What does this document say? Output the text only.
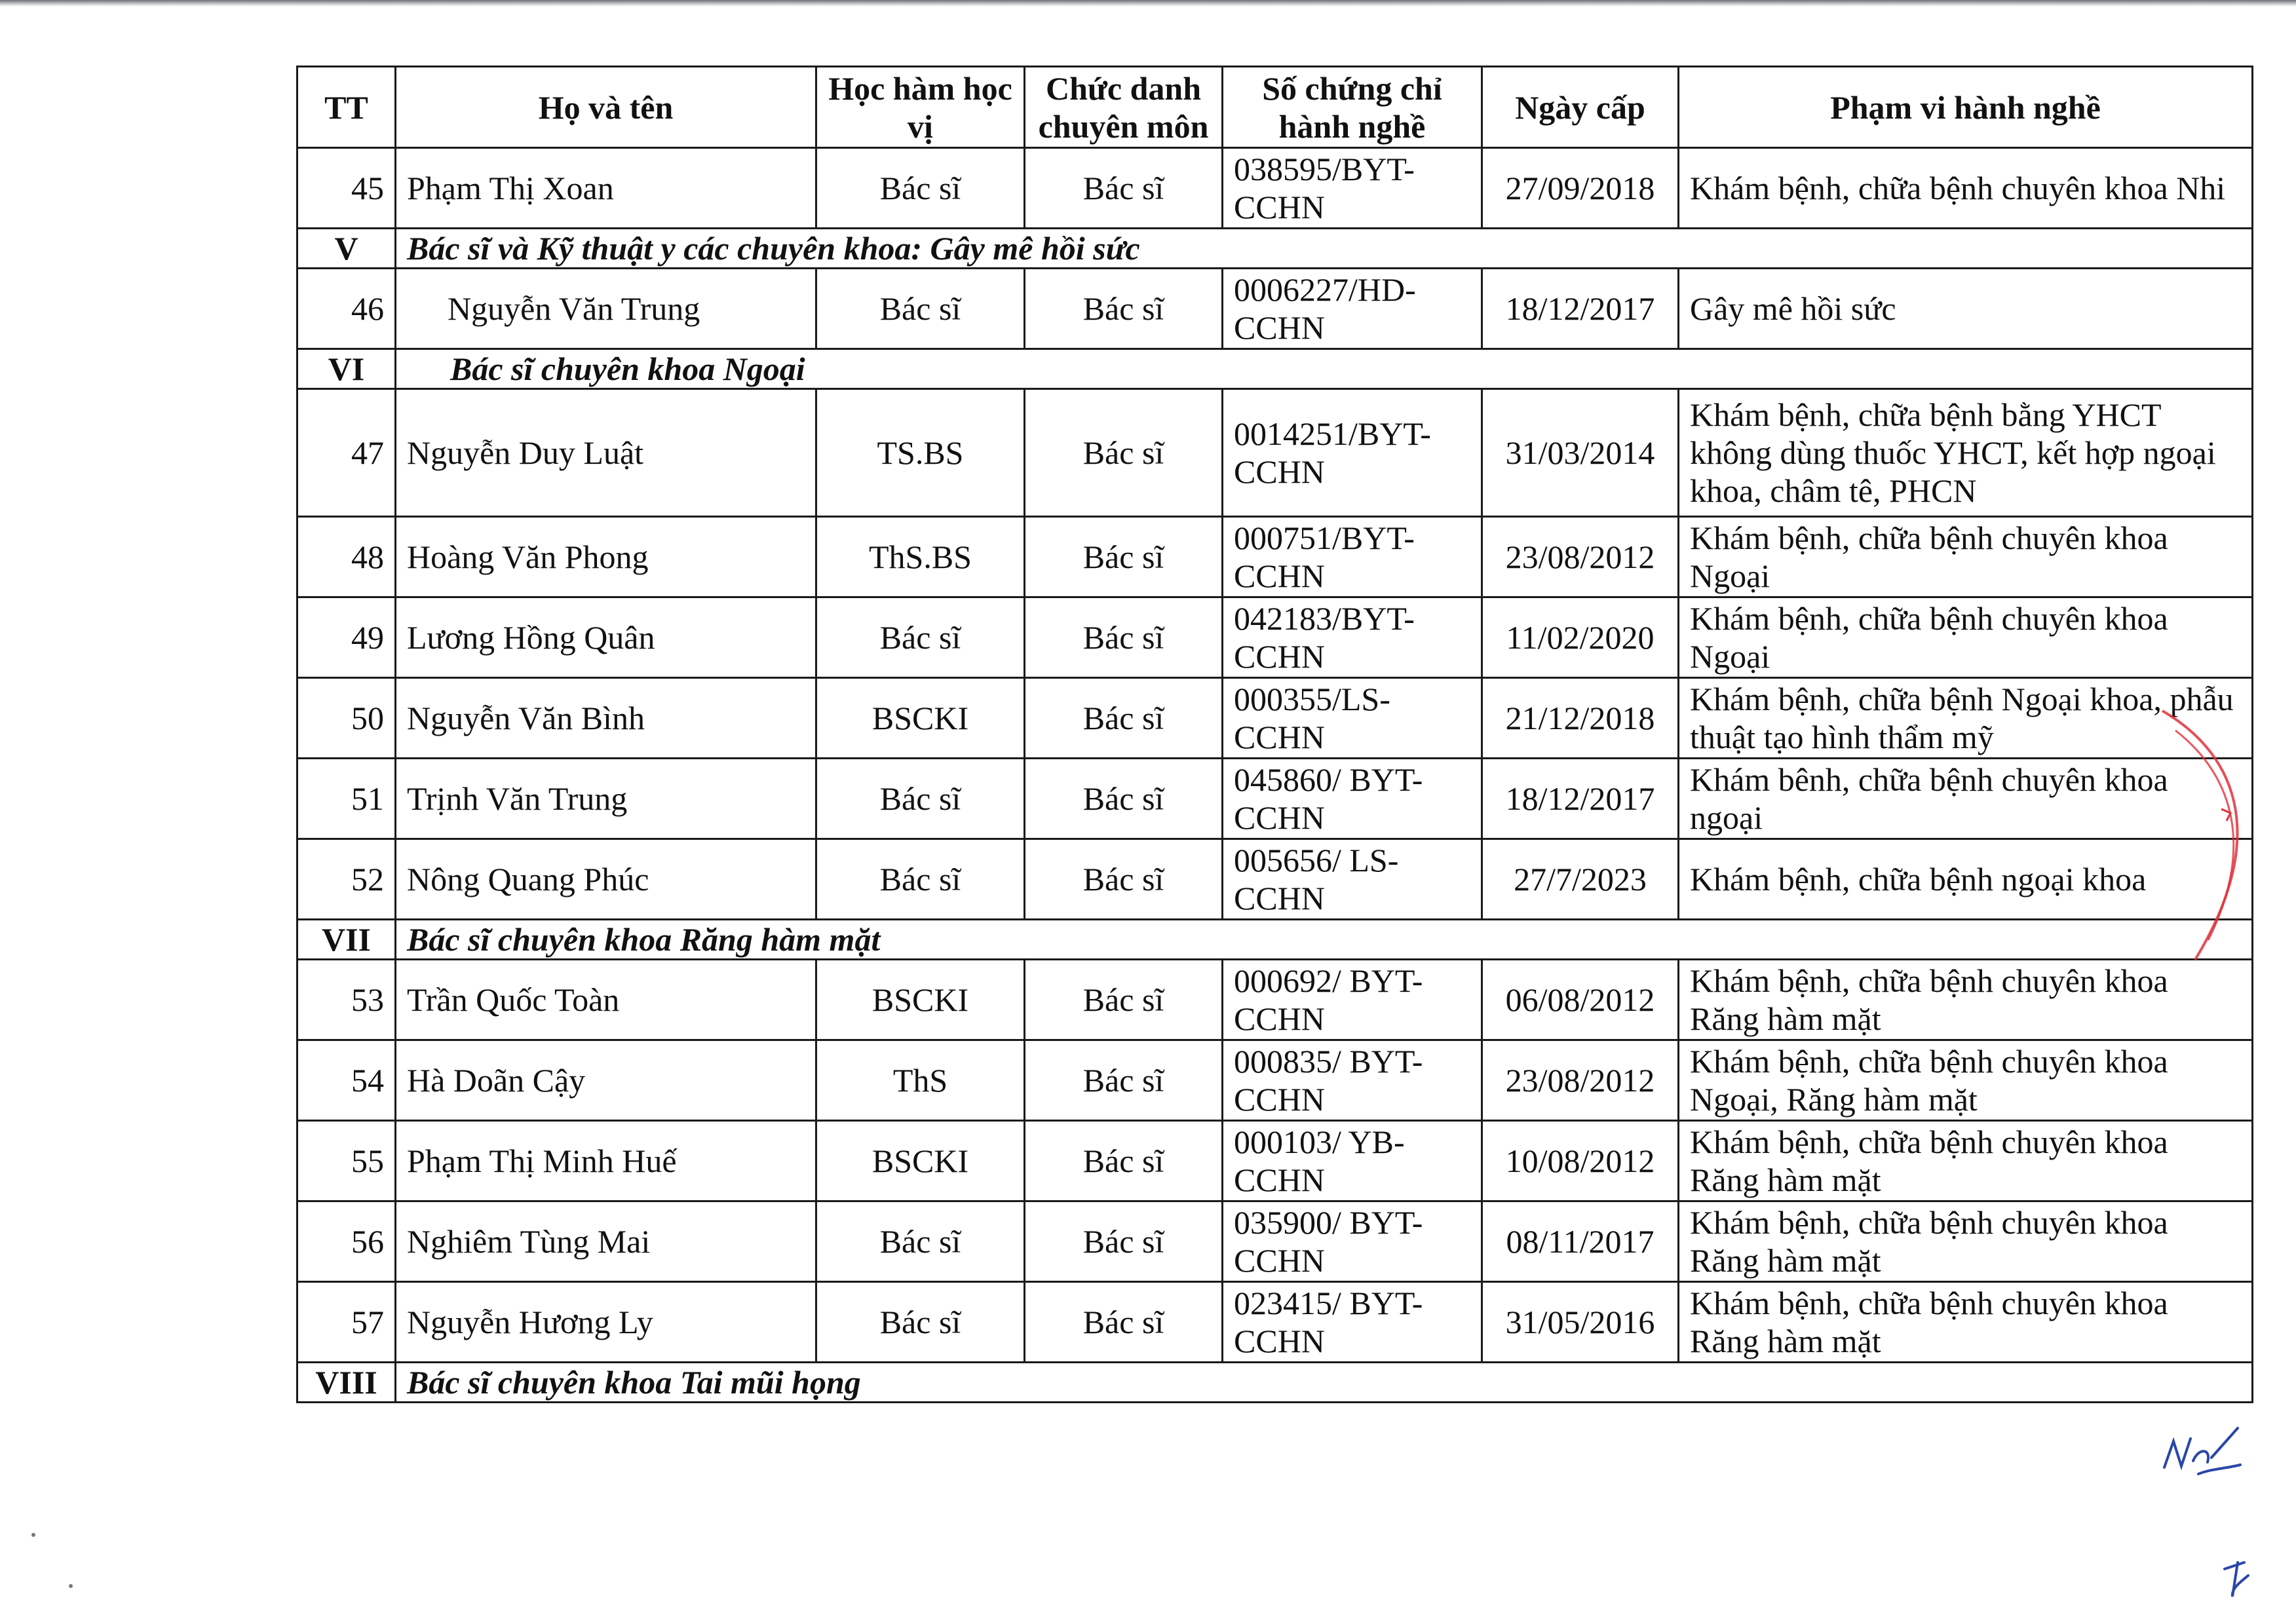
TT	Họ và tên	Học hàm học vị	Chức danh chuyên môn	Số chứng chỉ hành nghề	Ngày cấp	Phạm vi hành nghề
45	Phạm Thị Xoan	Bác sĩ	Bác sĩ	038595/BYT-CCHN	27/09/2018	Khám bệnh, chữa bệnh chuyên khoa Nhi
V	Bác sĩ và Kỹ thuật y các chuyên khoa: Gây mê hồi sức					
46	Nguyễn Văn Trung	Bác sĩ	Bác sĩ	0006227/HD-CCHN	18/12/2017	Gây mê hồi sức
VI	Bác sĩ chuyên khoa Ngoại					
47	Nguyễn Duy Luật	TS.BS	Bác sĩ	0014251/BYT-CCHN	31/03/2014	Khám bệnh, chữa bệnh bằng YHCT không dùng thuốc YHCT, kết hợp ngoại khoa, châm tê, PHCN
48	Hoàng Văn Phong	ThS.BS	Bác sĩ	000751/BYT-CCHN	23/08/2012	Khám bệnh, chữa bệnh chuyên khoa Ngoại
49	Lương Hồng Quân	Bác sĩ	Bác sĩ	042183/BYT-CCHN	11/02/2020	Khám bệnh, chữa bệnh chuyên khoa Ngoại
50	Nguyễn Văn Bình	BSCKI	Bác sĩ	000355/LS-CCHN	21/12/2018	Khám bệnh, chữa bệnh Ngoại khoa, phẫu thuật tạo hình thẩm mỹ
51	Trịnh Văn Trung	Bác sĩ	Bác sĩ	045860/ BYT-CCHN	18/12/2017	Khám bênh, chữa bệnh chuyên khoa ngoại
52	Nông Quang Phúc	Bác sĩ	Bác sĩ	005656/ LS-CCHN	27/7/2023	Khám bệnh, chữa bệnh ngoại khoa
VII	Bác sĩ chuyên khoa Răng hàm mặt					
53	Trần Quốc Toàn	BSCKI	Bác sĩ	000692/ BYT-CCHN	06/08/2012	Khám bệnh, chữa bệnh chuyên khoa Răng hàm mặt
54	Hà Doãn Cậy	ThS	Bác sĩ	000835/ BYT-CCHN	23/08/2012	Khám bệnh, chữa bệnh chuyên khoa Ngoại, Răng hàm mặt
55	Phạm Thị Minh Huế	BSCKI	Bác sĩ	000103/ YB-CCHN	10/08/2012	Khám bệnh, chữa bệnh chuyên khoa Răng hàm mặt
56	Nghiêm Tùng Mai	Bác sĩ	Bác sĩ	035900/ BYT-CCHN	08/11/2017	Khám bệnh, chữa bệnh chuyên khoa Răng hàm mặt
57	Nguyễn Hương Ly	Bác sĩ	Bác sĩ	023415/ BYT-CCHN	31/05/2016	Khám bệnh, chữa bệnh chuyên khoa Răng hàm mặt
VIII	Bác sĩ chuyên khoa Tai mũi họng					
